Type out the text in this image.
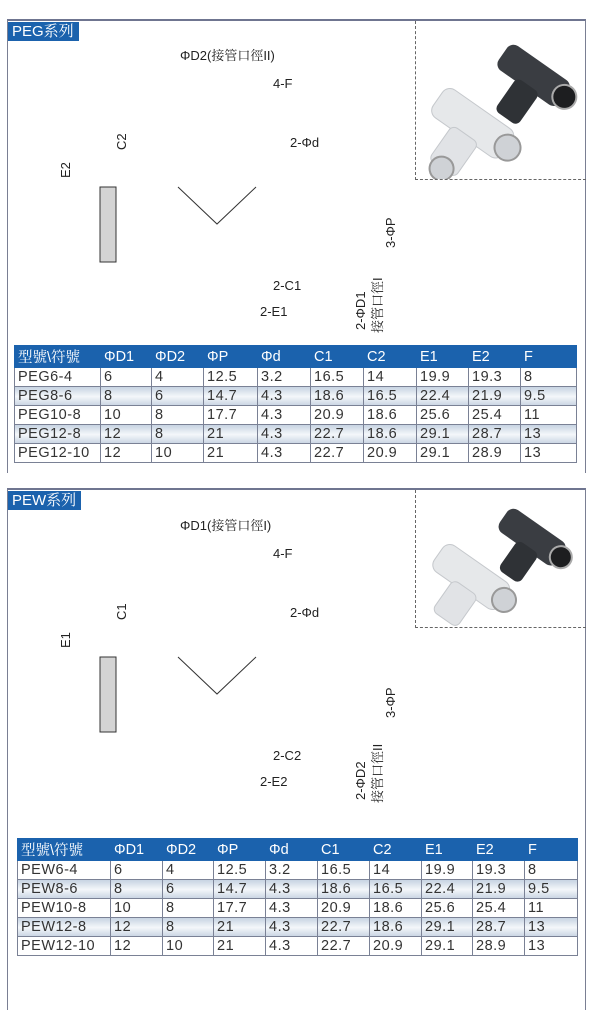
PEG系列
PEW系列
ΦD2(接管口徑II)
4-F
C2
E2
2-Φd
3-ΦP
2-ΦD1 接管口徑I
2-C1
2-E1
ΦD1(接管口徑I)
4-F
C1
E1
2-Φd
3-ΦP
2-ΦD2 接管口徑II
2-C2
2-E2
型號\符號	ΦD1	ΦD2	ΦP	Φd	C1	C2	E1	E2	F
PEG6-4	6	4	12.5	3.2	16.5	14	19.9	19.3	8
PEG8-6	8	6	14.7	4.3	18.6	16.5	22.4	21.9	9.5
PEG10-8	10	8	17.7	4.3	20.9	18.6	25.6	25.4	11
PEG12-8	12	8	21	4.3	22.7	18.6	29.1	28.7	13
PEG12-10	12	10	21	4.3	22.7	20.9	29.1	28.9	13
型號\符號	ΦD1	ΦD2	ΦP	Φd	C1	C2	E1	E2	F
PEW6-4	6	4	12.5	3.2	16.5	14	19.9	19.3	8
PEW8-6	8	6	14.7	4.3	18.6	16.5	22.4	21.9	9.5
PEW10-8	10	8	17.7	4.3	20.9	18.6	25.6	25.4	11
PEW12-8	12	8	21	4.3	22.7	18.6	29.1	28.7	13
PEW12-10	12	10	21	4.3	22.7	20.9	29.1	28.9	13
